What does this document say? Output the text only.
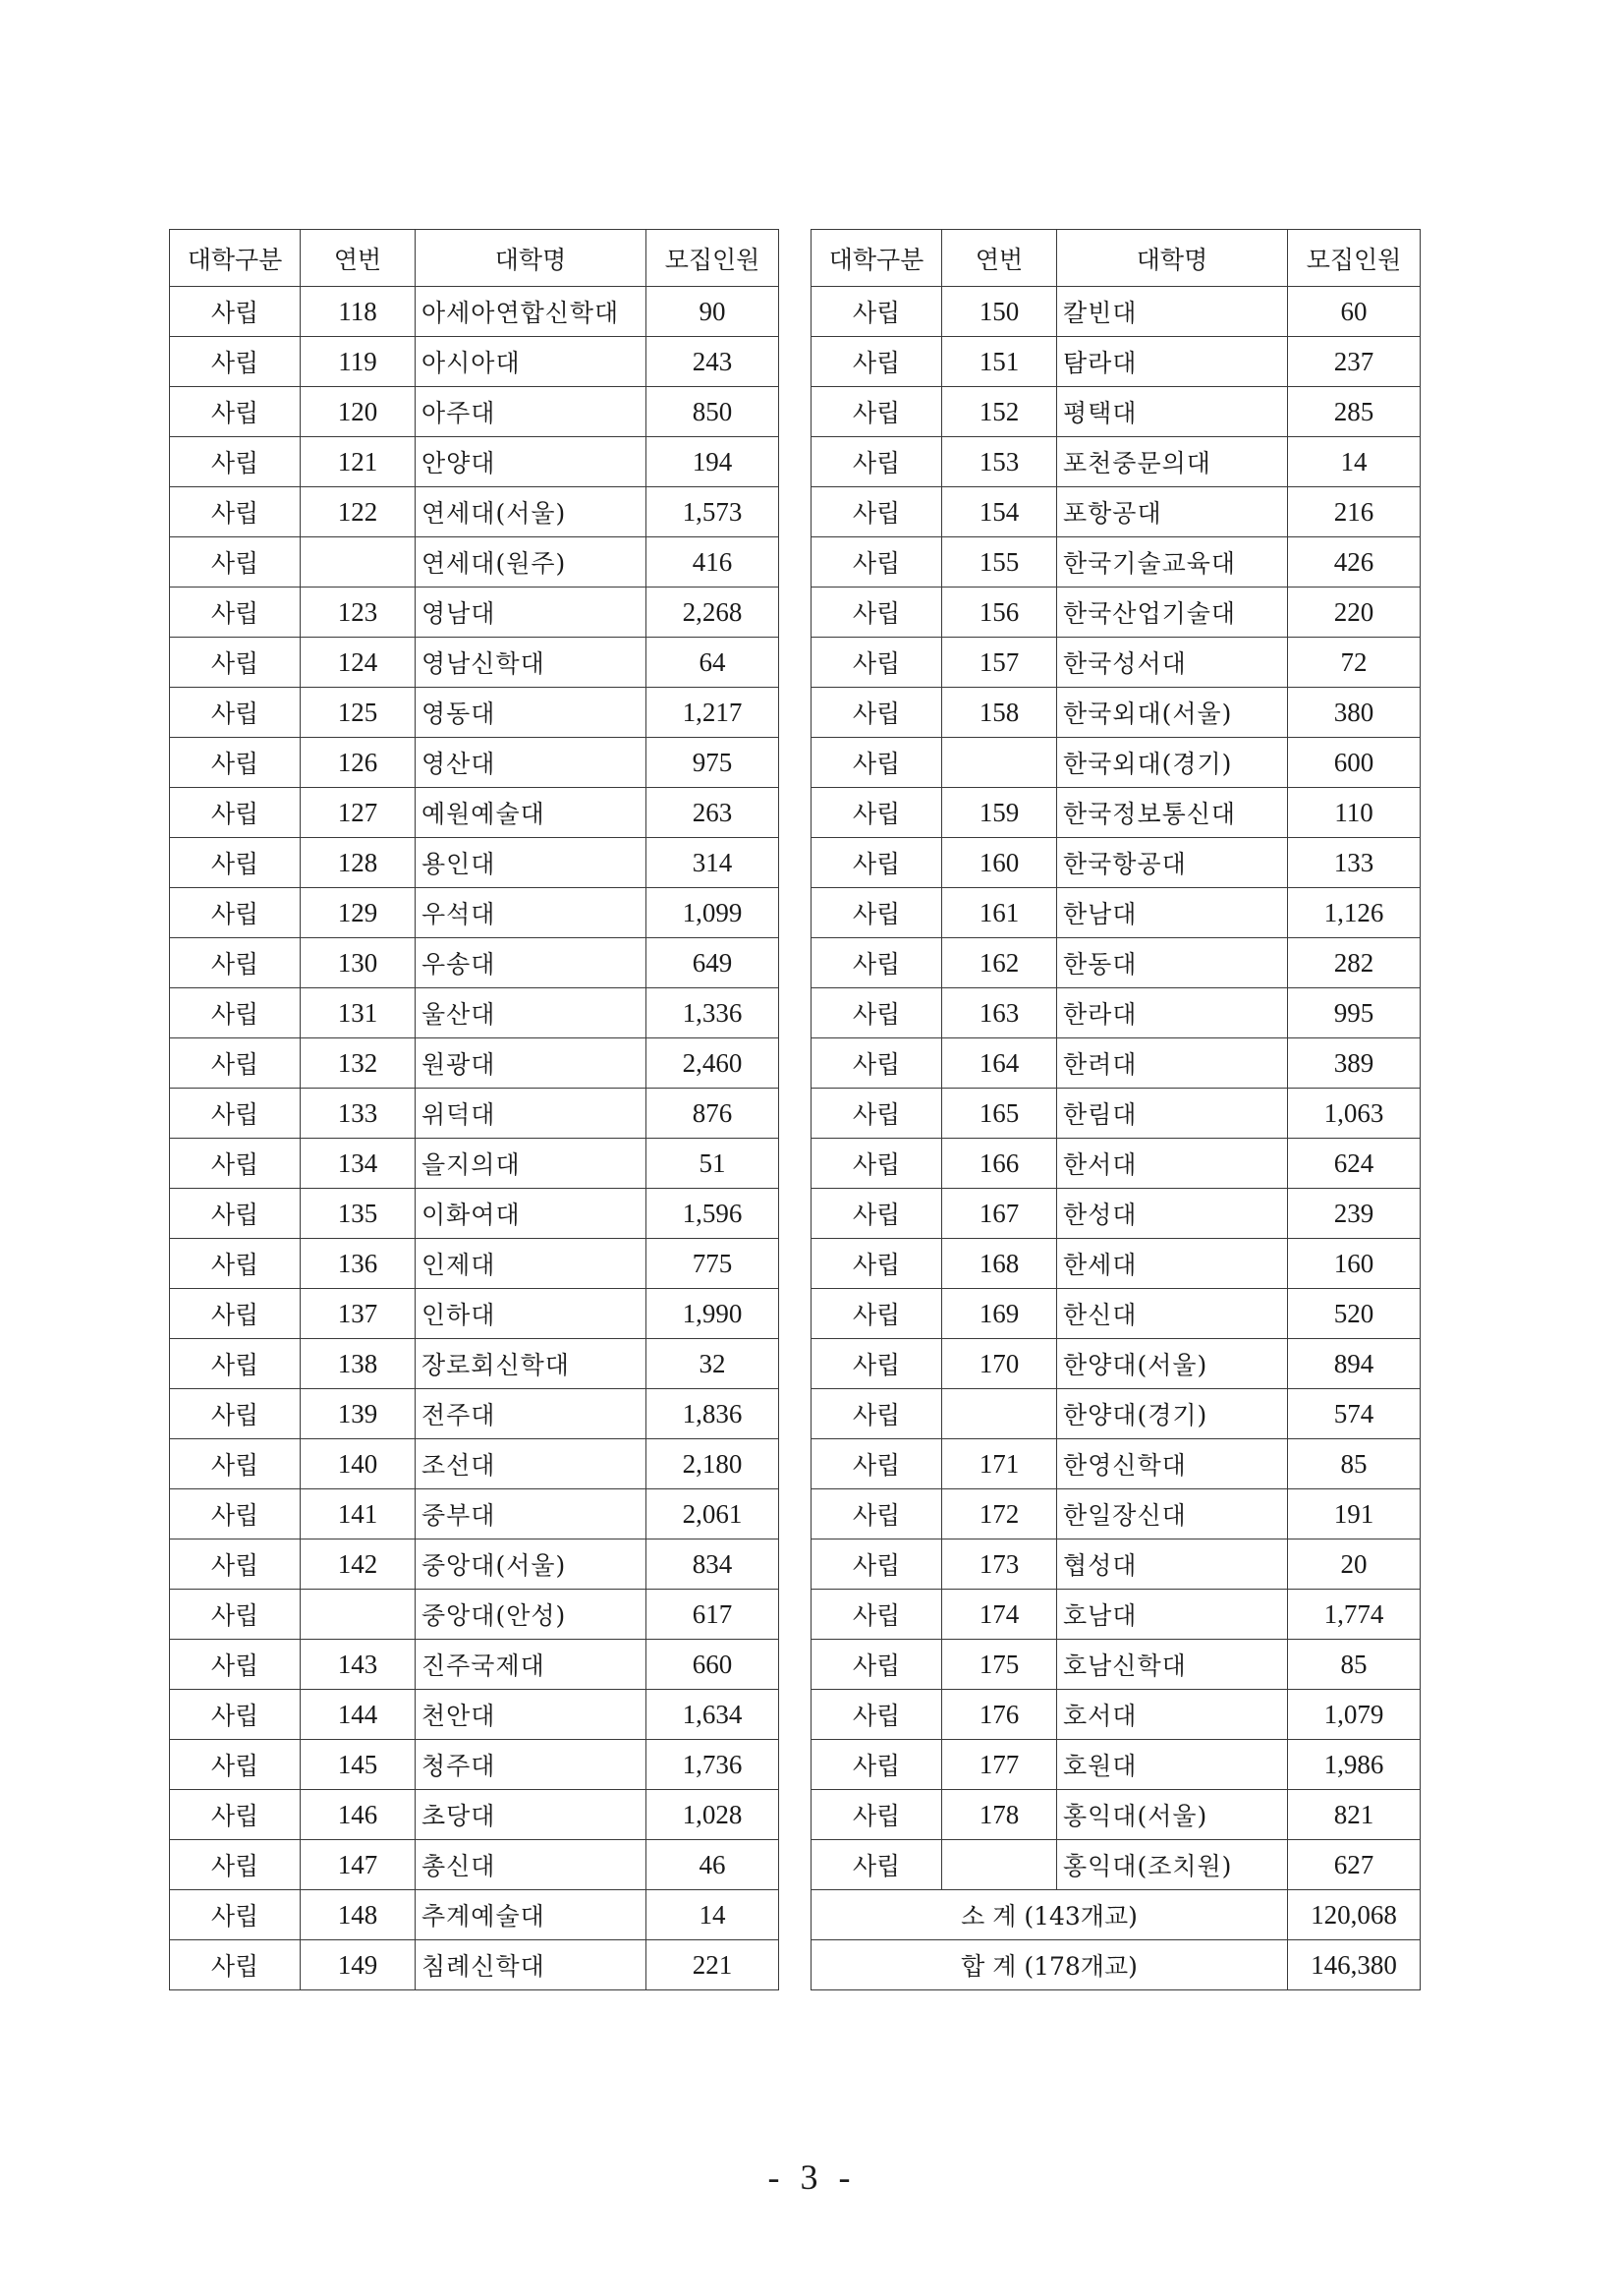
대학구분	연번	대학명	모집인원
사립	118	아세아연합신학대	90
사립	119	아시아대	243
사립	120	아주대	850
사립	121	안양대	194
사립	122	연세대(서울)	1,573
사립		연세대(원주)	416
사립	123	영남대	2,268
사립	124	영남신학대	64
사립	125	영동대	1,217
사립	126	영산대	975
사립	127	예원예술대	263
사립	128	용인대	314
사립	129	우석대	1,099
사립	130	우송대	649
사립	131	울산대	1,336
사립	132	원광대	2,460
사립	133	위덕대	876
사립	134	을지의대	51
사립	135	이화여대	1,596
사립	136	인제대	775
사립	137	인하대	1,990
사립	138	장로회신학대	32
사립	139	전주대	1,836
사립	140	조선대	2,180
사립	141	중부대	2,061
사립	142	중앙대(서울)	834
사립		중앙대(안성)	617
사립	143	진주국제대	660
사립	144	천안대	1,634
사립	145	청주대	1,736
사립	146	초당대	1,028
사립	147	총신대	46
사립	148	추계예술대	14
사립	149	침례신학대	221
대학구분	연번	대학명	모집인원
사립	150	칼빈대	60
사립	151	탐라대	237
사립	152	평택대	285
사립	153	포천중문의대	14
사립	154	포항공대	216
사립	155	한국기술교육대	426
사립	156	한국산업기술대	220
사립	157	한국성서대	72
사립	158	한국외대(서울)	380
사립		한국외대(경기)	600
사립	159	한국정보통신대	110
사립	160	한국항공대	133
사립	161	한남대	1,126
사립	162	한동대	282
사립	163	한라대	995
사립	164	한려대	389
사립	165	한림대	1,063
사립	166	한서대	624
사립	167	한성대	239
사립	168	한세대	160
사립	169	한신대	520
사립	170	한양대(서울)	894
사립		한양대(경기)	574
사립	171	한영신학대	85
사립	172	한일장신대	191
사립	173	협성대	20
사립	174	호남대	1,774
사립	175	호남신학대	85
사립	176	호서대	1,079
사립	177	호원대	1,986
사립	178	홍익대(서울)	821
사립		홍익대(조치원)	627
소 계 (143개교)			120,068
합 계 (178개교)			146,380
- 3 -
